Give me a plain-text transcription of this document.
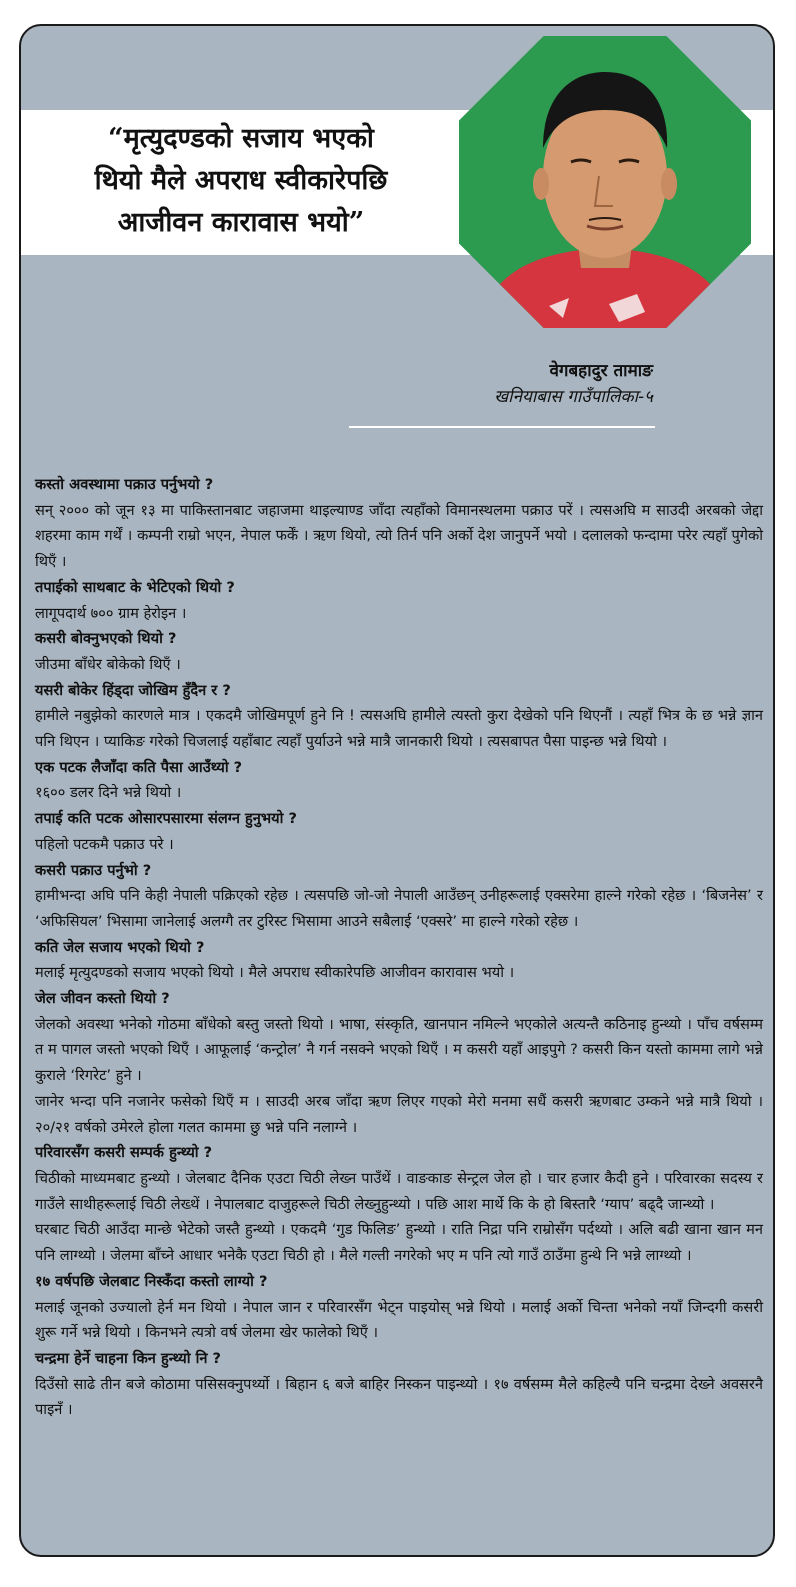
“मृत्युदण्डको सजाय भएको
थियो मैले अपराध स्वीकारेपछि
आजीवन कारावास भयो”
वेगबहादुर तामाङ
खनियाबास गाउँपालिका-५

कस्तो अवस्थामा पक्राउ पर्नुभयो ?

सन् २००० को जून १३ मा पाकिस्तानबाट जहाजमा थाइल्याण्ड जाँदा त्यहाँको विमानस्थलमा पक्राउ परें । त्यसअघि म साउदी अरबको जेद्दा शहरमा काम गर्थें । कम्पनी राम्रो भएन, नेपाल फर्कें । ऋण थियो, त्यो तिर्न पनि अर्को देश जानुपर्ने भयो । दलालको फन्दामा परेर त्यहाँ पुगेको थिएँ ।

तपाईको साथबाट के भेटिएको थियो ?

लागूपदार्थ ७०० ग्राम हेरोइन ।

कसरी बोक्नुभएको थियो ?

जीउमा बाँधेर बोकेको थिएँ ।

यसरी बोकेर हिंड्दा जोखिम हुँदैन र ?

हामीले नबुझेको कारणले मात्र । एकदमै जोखिमपूर्ण हुने नि ! त्यसअघि हामीले त्यस्तो कुरा देखेको पनि थिएनौं । त्यहाँ भित्र के छ भन्ने ज्ञान पनि थिएन । प्याकिङ गरेको चिजलाई यहाँबाट त्यहाँ पुर्याउने भन्ने मात्रै जानकारी थियो । त्यसबापत पैसा पाइन्छ भन्ने थियो ।

एक पटक लैजाँदा कति पैसा आउँथ्यो ?

१६०० डलर दिने भन्ने थियो ।

तपाई कति पटक ओसारपसारमा संलग्न हुनुभयो ?

पहिलो पटकमै पक्राउ परे ।

कसरी पक्राउ पर्नुभो ?

हामीभन्दा अघि पनि केही नेपाली पक्रिएको रहेछ । त्यसपछि जो-जो नेपाली आउँछन् उनीहरूलाई एक्सरेमा हाल्ने गरेको रहेछ । ‘बिजनेस’ र ‘अफिसियल’ भिसामा जानेलाई अलग्गै तर टुरिस्ट भिसामा आउने सबैलाई ‘एक्सरे’ मा हाल्ने गरेको रहेछ ।

कति जेल सजाय भएको थियो ?

मलाई मृत्युदण्डको सजाय भएको थियो । मैले अपराध स्वीकारेपछि आजीवन कारावास भयो ।

जेल जीवन कस्तो थियो ?

जेलको अवस्था भनेको गोठमा बाँधेको बस्तु जस्तो थियो । भाषा, संस्कृति, खानपान नमिल्ने भएकोले अत्यन्तै कठिनाइ हुन्थ्यो । पाँच वर्षसम्म त म पागल जस्तो भएको थिएँ । आफूलाई ‘कन्ट्रोल’ नै गर्न नसक्ने भएको थिएँ । म कसरी यहाँ आइपुगे ? कसरी किन यस्तो काममा लागे भन्ने कुराले ‘रिगरेट’ हुने ।

जानेर भन्दा पनि नजानेर फसेको थिएँ म । साउदी अरब जाँदा ऋण लिएर गएको मेरो मनमा सधैं कसरी ऋणबाट उम्कने भन्ने मात्रै थियो । २०/२१ वर्षको उमेरले होला गलत काममा छु भन्ने पनि नलाग्ने ।

परिवारसँग कसरी सम्पर्क हुन्थ्यो ?

चिठीको माध्यमबाट हुन्थ्यो । जेलबाट दैनिक एउटा चिठी लेख्न पाउँथें । वाङकाङ सेन्ट्रल जेल हो । चार हजार कैदी हुने । परिवारका सदस्य र गाउँले साथीहरूलाई चिठी लेख्थें । नेपालबाट दाजुहरूले चिठी लेख्नुहुन्थ्यो । पछि आश मार्थे कि के हो बिस्तारै ‘ग्याप’ बढ्दै जान्थ्यो ।

घरबाट चिठी आउँदा मान्छे भेटेको जस्तै हुन्थ्यो । एकदमै ‘गुड फिलिङ’ हुन्थ्यो । राति निद्रा पनि राम्रोसँग पर्दथ्यो । अलि बढी खाना खान मन पनि लाग्थ्यो । जेलमा बाँच्ने आधार भनेकै एउटा चिठी हो । मैले गल्ती नगरेको भए म पनि त्यो गाउँ ठाउँमा हुन्थे नि भन्ने लाग्थ्यो ।

१७ वर्षपछि जेलबाट निस्कँदा कस्तो लाग्यो ?

मलाई जूनको उज्यालो हेर्न मन थियो । नेपाल जान र परिवारसँग भेट्न पाइयोस् भन्ने थियो । मलाई अर्को चिन्ता भनेको नयाँ जिन्दगी कसरी शुरू गर्ने भन्ने थियो । किनभने त्यत्रो वर्ष जेलमा खेर फालेको थिएँ ।

चन्द्रमा हेर्ने चाहना किन हुन्थ्यो नि ?

दिउँसो साढे तीन बजे कोठामा पसिसक्नुपर्थ्यो । बिहान ६ बजे बाहिर निस्कन पाइन्थ्यो । १७ वर्षसम्म मैले कहिल्यै पनि चन्द्रमा देख्ने अवसरनै पाइनँ ।
